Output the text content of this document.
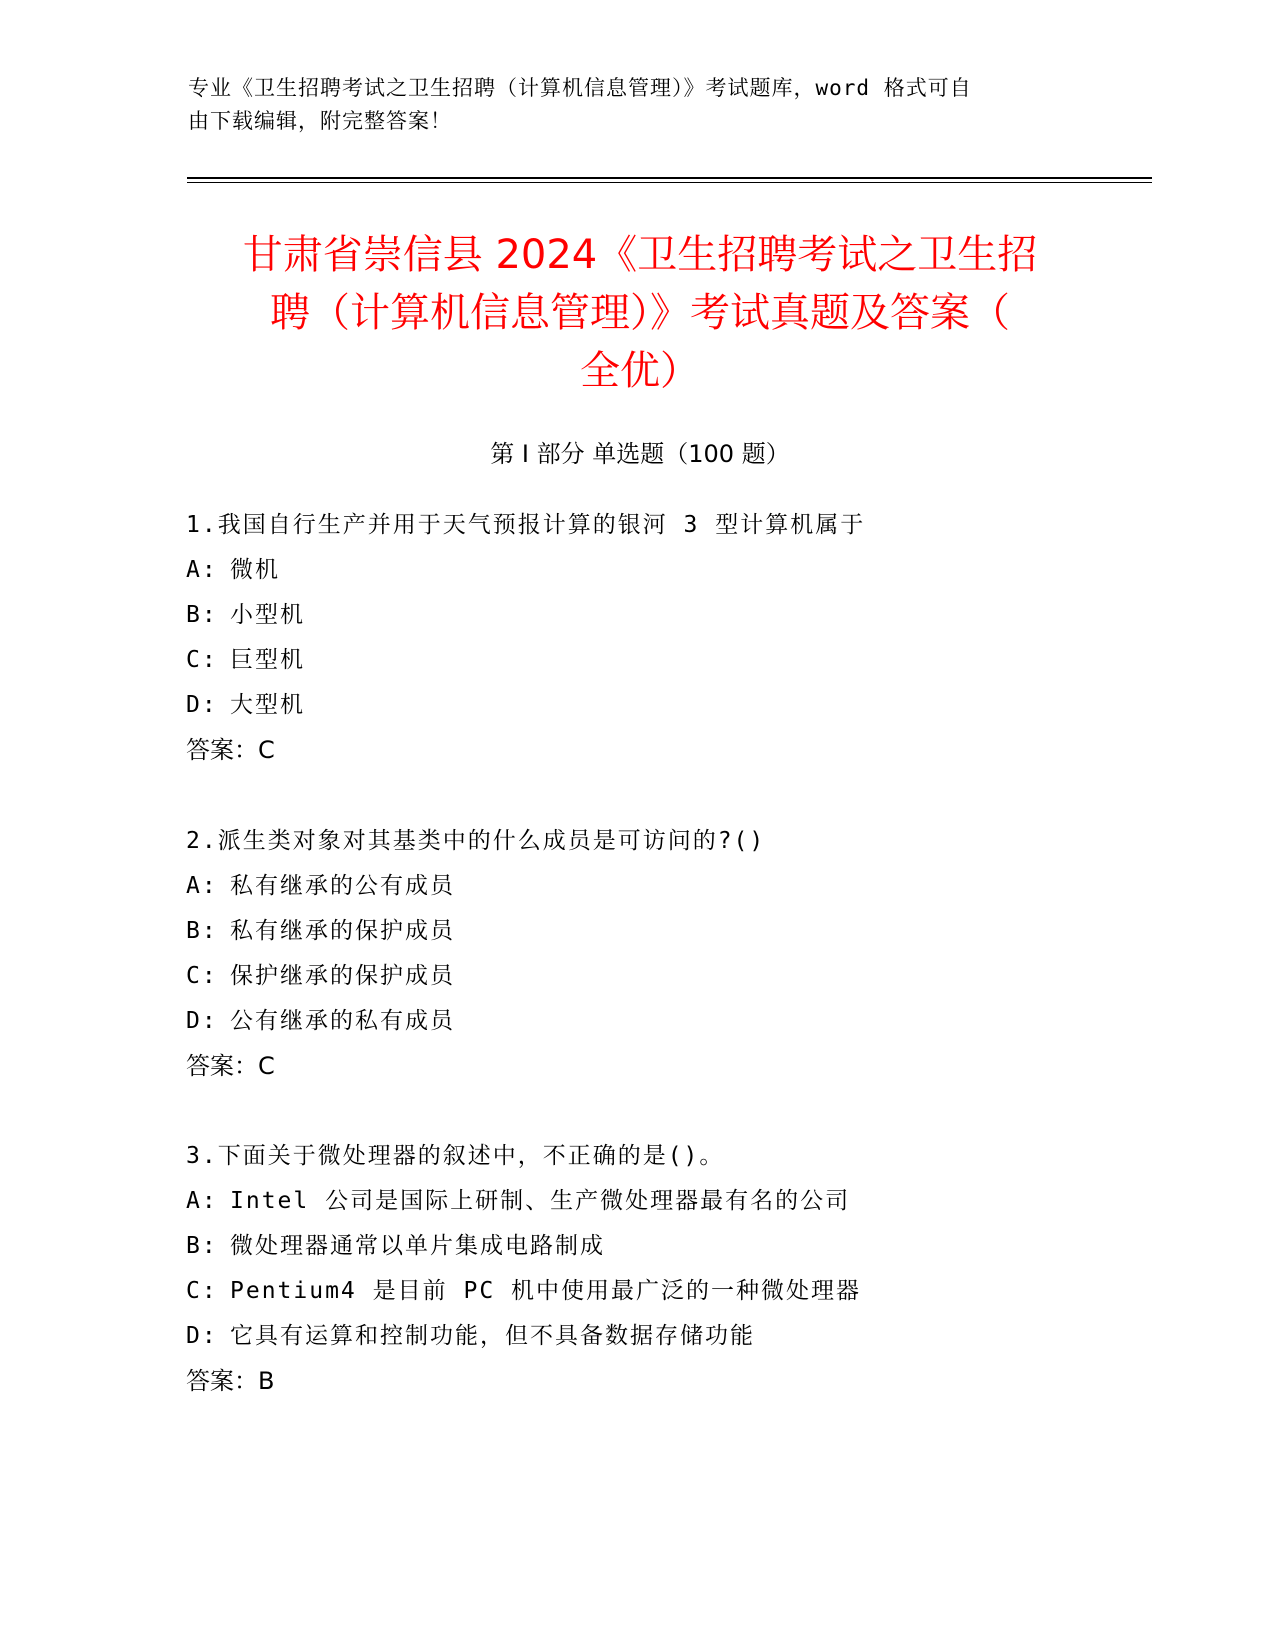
专业《卫生招聘考试之卫生招聘（计算机信息管理）》考试题库，word 格式可自
由下载编辑，附完整答案！
甘肃省崇信县 2024《卫生招聘考试之卫生招
聘（计算机信息管理）》考试真题及答案（
全优）
第 I 部分 单选题（100 题）
1.我国自行生产并用于天气预报计算的银河 3 型计算机属于
A: 微机
B: 小型机
C: 巨型机
D: 大型机
答案：C
2.派生类对象对其基类中的什么成员是可访问的?()
A: 私有继承的公有成员
B: 私有继承的保护成员
C: 保护继承的保护成员
D: 公有继承的私有成员
答案：C
3.下面关于微处理器的叙述中，不正确的是()。
A: Intel 公司是国际上研制、生产微处理器最有名的公司
B: 微处理器通常以单片集成电路制成
C: Pentium4 是目前 PC 机中使用最广泛的一种微处理器
D: 它具有运算和控制功能，但不具备数据存储功能
答案：B
